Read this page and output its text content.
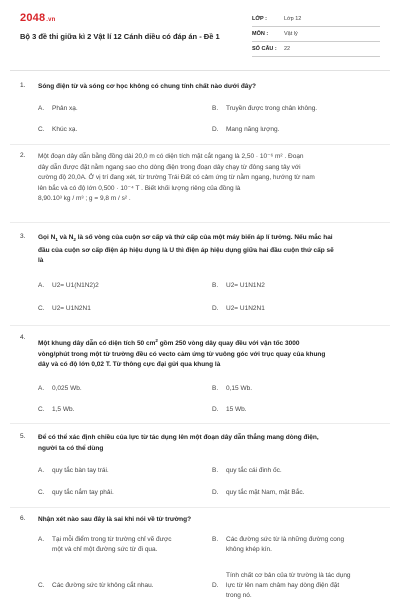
2048.vn
Bộ 3 đề thi giữa kì 2 Vật lí 12 Cánh diều có đáp án - Đề 1
LỚP :	Lớp 12
MÔN :	Vật lý
SỐ CÂU :	22
1. Sóng điện từ và sóng cơ học không có chung tính chất nào dưới đây?
A.	Phản xạ.	B.	Truyền được trong chân không.
C.	Khúc xạ.	D.	Mang năng lượng.
2. Một đoạn dây dẫn bằng đồng dài 20,0 m có diện tích mặt cắt ngang là 2,50 · 10⁻⁶ m² . Đoạn
dây dẫn được đặt nằm ngang sao cho dòng điện trong đoạn dây chạy từ đông sang tây với
cường độ 20,0A. Ở vị trí đang xét, từ trường Trái Đất có cảm ứng từ nằm ngang, hướng từ nam
lên bắc và có độ lớn 0,500 · 10⁻⁴ T . Biết khối lượng riêng của đồng là
8,90.10³ kg / m³ ; g = 9,8 m / s² .
3. Gọi $N_1$ và $N_2$ là số vòng của cuộn sơ cấp và thứ cấp của một máy biến áp lí tưởng. Nếu mắc hai
đầu của cuộn sơ cấp điện áp hiệu dụng là U thì điện áp hiệu dụng giữa hai đầu cuộn thứ cấp sẽ
là
A.	U2= U1(N1N2)2	B.	U2= U1N1N2
C.	U2= U1N2N1	D.	U2= U1N2N1
4.
Một khung dây dẫn có diện tích 50 $cm^2$ gồm 250 vòng dây quay đều với vận tốc 3000
vòng/phút trong một từ trường đều có vecto cảm ứng từ vuông góc với trục quay của khung
dây và có độ lớn 0,02 T. Từ thông cực đại gửi qua khung là
A.	0,025 Wb.	B.	0,15 Wb.
C.	1,5 Wb.	D.	15 Wb.
5. Để có thể xác định chiều của lực từ tác dụng lên một đoạn dây dẫn thẳng mang dòng điện,
người ta có thể dùng
A.	quy tắc bàn tay trái.	B.	quy tắc cái đinh ốc.
C.	quy tắc nắm tay phải.	D.	quy tắc mặt Nam, mặt Bắc.
6. Nhận xét nào sau đây là sai khi nói về từ trường?
A.	Tại mỗi điểm trong từ trường chỉ vẽ được
một và chỉ một đường sức từ đi qua.
B.	Các đường sức từ là những đường cong
không khép kín.
C.	Các đường sức từ không cắt nhau.	D.
Tính chất cơ bản của từ trường là tác dụng
lực từ lên nam châm hay dòng điện đặt
trong nó.
